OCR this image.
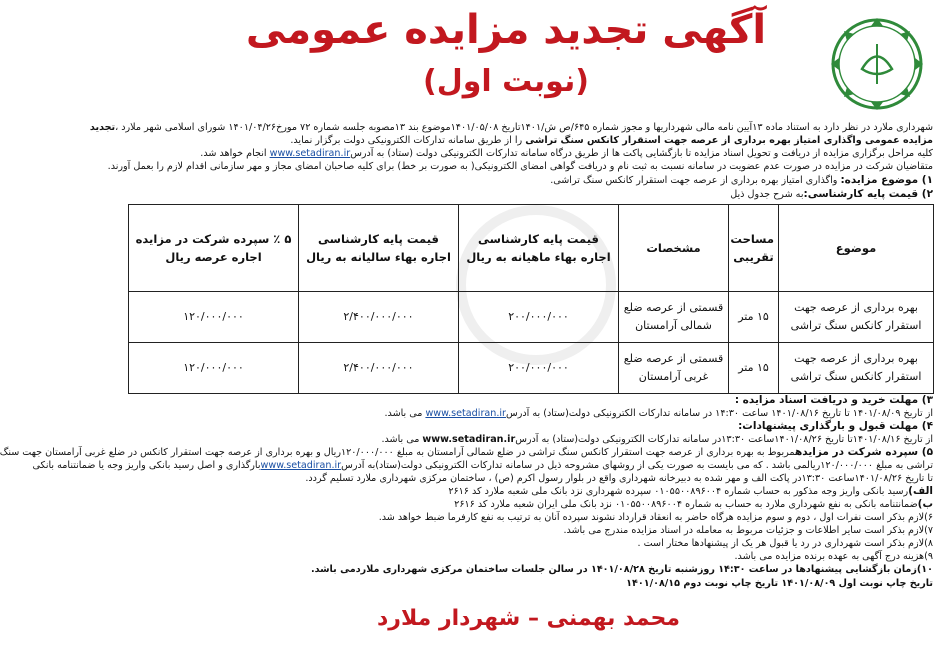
آگهی تجدید مزایده عمومی
(نوبت اول)
شهرداری ملارد در نظر دارد به استناد ماده ۱۳آیین نامه مالی شهرداریها و مجوز شماره ۶۴۵/ص ش/۱۴۰۱تاریخ ۱۴۰۱/۰۵/۰۸موضوع بند ۱۳مصوبه جلسه شماره ۷۲ مورخ۱۴۰۱/۰۴/۲۶ شورای اسلامی شهر ملارد ،تجدید
مزایده عمومی واگذاری امتیاز بهره برداری از عرصه جهت استقرار کانکس سنگ تراشی را از طریق سامانه تدارکات الکترونیکی دولت برگزار نماید.
کلیه مراحل برگزاری مزایده از دریافت و تحویل اسناد مزایده تا بازگشایی پاکت ها از طریق درگاه سامانه تدارکات الکترونیکی دولت (ستاد) به آدرسwww.setadiran.ir انجام خواهد شد.
متقاضیان شرکت در مزایده در صورت عدم عضویت در سامانه نسبت به ثبت نام و دریافت گواهی امضای الکترونیکی( به صورت بر خط) برای کلیه صاحبان امضای مجاز و مهر سازمانی اقدام لازم را بعمل آورند.
۱) موضوع مزایده: واگذاری امتیاز بهره برداری از عرصه جهت استقرار کانکس سنگ تراشی.
۲) قیمت پایه کارشناسی:به شرح جدول ذیل
موضوع	مساحت تقریبی	مشخصات	قیمت پایه کارشناسی اجاره بهاء ماهیانه به ریال	قیمت پایه کارشناسی اجاره بهاء سالیانه به ریال	۵ ٪ سپرده شرکت در مزایده اجاره عرصه ریال
بهره برداری از عرصه جهت استقرار کانکس سنگ تراشی	۱۵ متر	قسمتی از عرصه ضلع شمالی آرامستان	۲۰۰/۰۰۰/۰۰۰	۲/۴۰۰/۰۰۰/۰۰۰	۱۲۰/۰۰۰/۰۰۰
بهره برداری از عرصه جهت استقرار کانکس سنگ تراشی	۱۵ متر	قسمتی از عرصه ضلع غربی آرامستان	۲۰۰/۰۰۰/۰۰۰	۲/۴۰۰/۰۰۰/۰۰۰	۱۲۰/۰۰۰/۰۰۰
۳) مهلت خرید و دریافت اسناد مزایده :
از تاریخ ۱۴۰۱/۰۸/۰۹ تا تاریخ ۱۴۰۱/۰۸/۱۶ ساعت ۱۴:۳۰ در سامانه تدارکات الکترونیکی دولت(ستاد) به آدرسwww.setadiran.ir می باشد.
۴) مهلت قبول و بارگذاری پیشنهادات:
از تاریخ ۱۴۰۱/۰۸/۱۶تا تاریخ ۱۴۰۱/۰۸/۲۶ساعت ۱۳:۳۰در سامانه تدارکات الکترونیکی دولت(ستاد) به آدرسwww.setadiran.ir می باشد.
۵) سپرده شرکت در مزایدهمربوط به بهره برداری از عرصه جهت استقرار کانکس سنگ تراشی در ضلع شمالی آرامستان به مبلغ ۱۲۰/۰۰۰/۰۰۰ریال و بهره برداری از عرصه جهت استقرار کانکس در ضلع غربی آرامستان جهت سنگ
تراشی به مبلغ ۱۲۰/۰۰۰/۰۰۰ریالمی باشد . که می بایست به صورت یکی از روشهای مشروحه ذیل در سامانه تدارکات الکترونیکی دولت(ستاد)به آدرسwww.setadiran.irبارگذاری و اصل رسید بانکی واریز وجه یا ضمانتنامه بانکی
تا تاریخ ۱۴۰۱/۰۸/۲۶ساعت ۱۳:۳۰در پاکت الف و مهر شده به دبیرخانه شهرداری واقع در بلوار رسول اکرم (ص) ، ساختمان مرکزی شهرداری ملارد تسلیم گردد.
الف)رسید بانکی واریز وجه مذکور به حساب شماره ۰۱۰۵۵۰۰۸۹۶۰۰۴ سپرده شهرداری نزد بانک ملی شعبه ملارد کد ۲۶۱۶
ب)ضمانتنامه بانکی به نفع شهرداری ملارد به حساب به شماره ۰۱۰۵۵۰۰۸۹۶۰۰۴ نزد بانک ملی ایران شعبه ملارد کد ۲۶۱۶
۶)لازم بذکر است نفرات اول ، دوم و سوم مزایده هرگاه حاضر به انعقاد قرارداد نشوند سپرده آنان به ترتیب به نفع کارفرما ضبط خواهد شد.
۷)لازم بذکر است سایر اطلاعات و جزئیات مربوط به معامله در اسناد مزایده مندرج می باشد.
۸)لازم بذکر است شهرداری در رد یا قبول هر یک از پیشنهادها مختار است .
۹)هزینه درج آگهی به عهده برنده مزایده می باشد.
۱۰)زمان بازگشایی پیشنهادها در ساعت ۱۴:۳۰ روزشنبه تاریخ ۱۴۰۱/۰۸/۲۸ در سالن جلسات ساختمان مرکزی شهرداری ملاردمی باشد.
تاریخ چاپ نوبت اول ۱۴۰۱/۰۸/۰۹ تاریخ چاپ نوبت دوم ۱۴۰۱/۰۸/۱۵
محمد بهمنی – شهردار ملارد
